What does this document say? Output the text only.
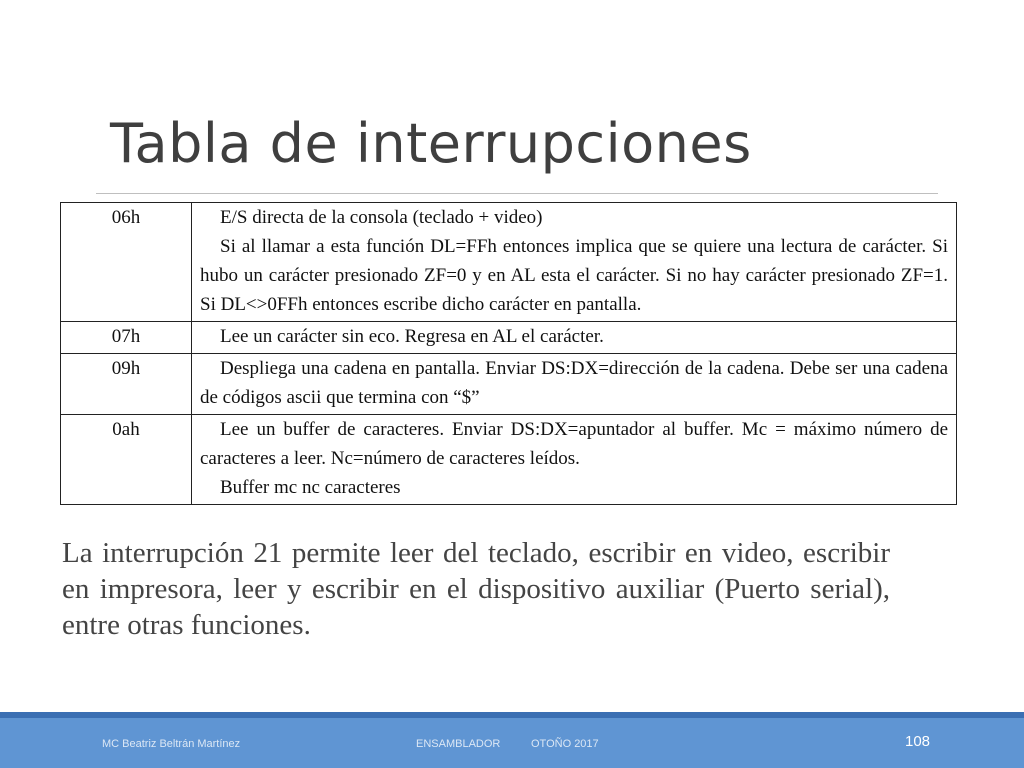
Tabla de interrupciones
06h	E/S directa de la consola (teclado + video)

Si al llamar a esta función DL=FFh entonces implica que se quiere una lectura de carácter. Si hubo un carácter presionado ZF=0 y en AL esta el carácter. Si no hay carácter presionado ZF=1. Si DL<>0FFh entonces escribe dicho carácter en pantalla.

07h	Lee un carácter sin eco. Regresa en AL el carácter.

09h	Despliega una cadena en pantalla. Enviar DS:DX=dirección de la cadena. Debe ser una cadena de códigos ascii que termina con “$”

0ah	Lee un buffer de caracteres. Enviar DS:DX=apuntador al buffer. Mc = máximo número de caracteres a leer. Nc=número de caracteres leídos.

Buffer mc nc caracteres

La interrupción 21 permite leer del teclado, escribir en video, escribir en impresora, leer y escribir en el dispositivo auxiliar (Puerto serial), entre otras funciones.

MC Beatriz Beltrán Martínez	ENSAMBLADOR	OTOÑO 2017	108
